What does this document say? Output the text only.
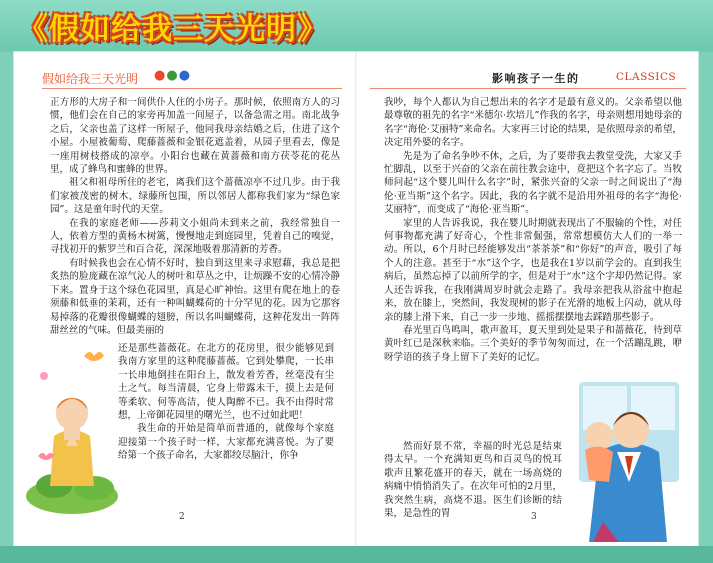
《假如给我三天光明》
假如给我三天光明 ●●●	影响孩子一生的	CLASSICS

正方形的大房子和一间供仆人住的小房子。那时候，依照南方人的习惯，他们会在自己的家旁再加盖一间屋子，以备急需之用。南北战争之后，父亲也盖了这样一所屋子，他同我母亲结婚之后，住进了这个小屋。小屋被葡萄、爬藤蔷薇和金银花遮盖着，从园子里看去，像是一座用树枝搭成的凉亭。小阳台也藏在黄蔷薇和南方茯苓花的花丛里，成了蜂鸟和蜜蜂的世界。

祖父和祖母所住的老宅，离我们这个蔷薇凉亭不过几步。由于我们家被茂密的树木、绿藤所包围，所以邻居人都称我们家为“绿色家园”。这是童年时代的天堂。

在我的家庭老师——莎莉文小姐尚未到来之前，我经常独自一人，依着方型的黄杨木树篱，慢慢地走到庭园里，凭着自己的嗅觉，寻找初开的紫罗兰和百合花，深深地吸着那清新的芳香。

有时候我也会在心情不好时，独自到这里来寻求慰藉，我总是把炙热的脸庞藏在凉气沁人的树叶和草丛之中，让烦躁不安的心情冷静下来。置身于这个绿色花园里，真是心旷神怡。这里有爬在地上的卷须藤和低垂的茉莉，还有一种叫蝴蝶荷的十分罕见的花。因为它那容易掉落的花瓣很像蝴蝶的翅膀，所以名叫蝴蝶荷，这种花发出一阵阵甜丝丝的气味。但最美丽的

还是那些蔷薇花。在北方的花房里，很少能够见到我南方家里的这种爬藤蔷薇。它到处攀爬，一长串一长串地倒挂在阳台上，散发着芳香，丝毫没有尘土之气。每当清晨，它身上带露未干，摸上去是何等柔软、何等高洁，使人陶醉不已。我不由得时常想，上帝御花园里的曙光兰，也不过如此吧！

我生命的开始是简单而普通的，就像每个家庭迎接第一个孩子时一样，大家都充满喜悦。为了要给第一个孩子命名，大家都绞尽脑汁，你争

我吵，每个人都认为自己想出来的名字才是最有意义的。父亲希望以他最尊敬的祖先的名字“米德尔·坎培儿”作我的名字，母亲则想用她母亲的名字“海伦·艾丽特”来命名。大家再三讨论的结果，是依照母亲的希望，决定用外婆的名字。

先是为了命名争吵不休，之后，为了要带我去教堂受洗，大家又手忙脚乱，以至于兴奋的父亲在前往教会途中，竟把这个名字忘了。当牧师问起“这个婴儿叫什么名字”时，紧张兴奋的父亲一时之间说出了“海伦·亚当斯”这个名字。因此，我的名字就不是沿用外祖母的名字“海伦·艾丽特”，而变成了“海伦·亚当斯”。

家里的人告诉我说，我在婴儿时期就表现出了不服输的个性，对任何事物都充满了好奇心，个性非常倔强，常常想模仿大人们的一举一动。所以，6个月时已经能够发出“茶茶茶”和“你好”的声音，吸引了每个人的注意。甚至于“水”这个字，也是我在1岁以前学会的。直到我生病后，虽然忘掉了以前所学的字，但是对于“水”这个字却仍然记得。家人还告诉我，在我刚满周岁时就会走路了。我母亲把我从浴盆中抱起来，放在膝上，突然间，我发现树的影子在光滑的地板上闪动，就从母亲的膝上滑下来，自己一步一步地、摇摇摆摆地去踩踏那些影子。

春光里百鸟鸣叫，歌声盈耳，夏天里到处是果子和蔷薇花，待到草黄叶红已是深秋来临。三个美好的季节匆匆而过，在一个活蹦乱跳，咿呀学语的孩子身上留下了美好的记忆。

然而好景不常，幸福的时光总是结束得太早。一个充满知更鸟和百灵鸟的悦耳歌声且繁花盛开的春天，就在一场高烧的病痛中悄悄消失了。在次年可怕的2月里，我突然生病，高烧不退。医生们诊断的结果，是急性的胃

2	3
